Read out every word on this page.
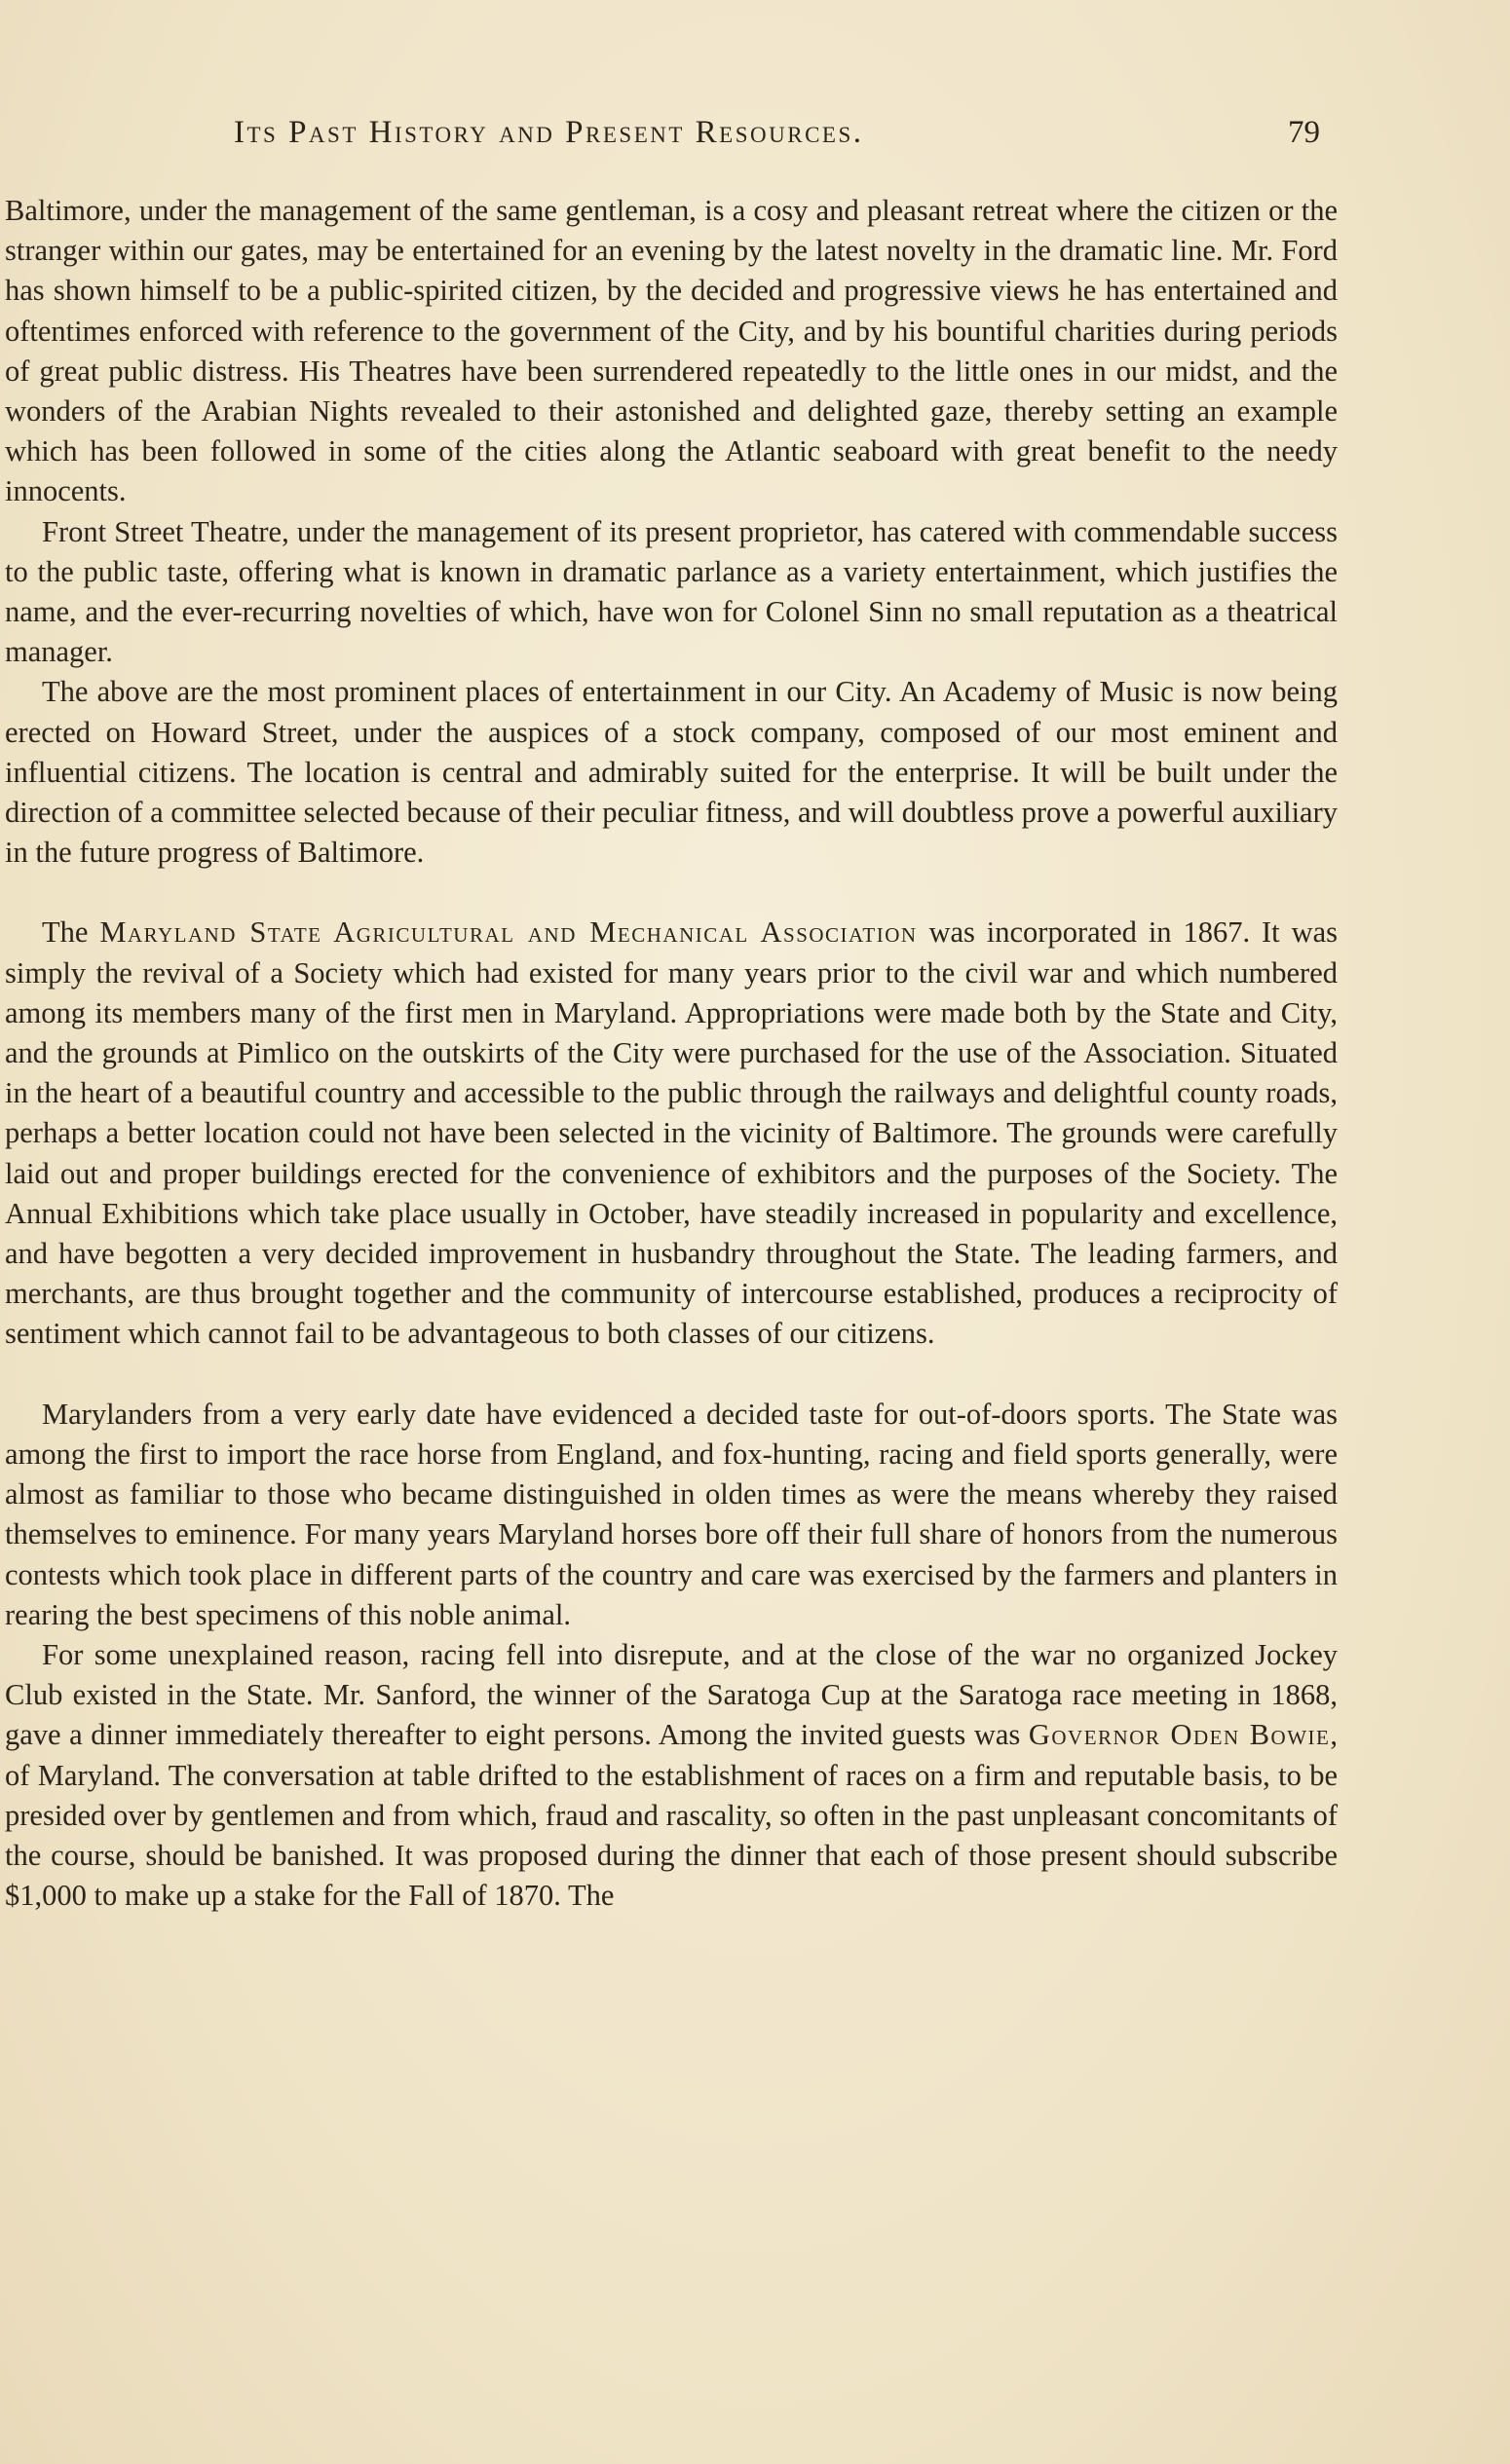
Its Past History and Present Resources.	79

Baltimore, under the management of the same gentleman, is a cosy and pleasant retreat where the citizen or the stranger within our gates, may be entertained for an evening by the latest novelty in the dramatic line. Mr. Ford has shown himself to be a public-spirited citizen, by the decided and progressive views he has entertained and oftentimes enforced with reference to the government of the City, and by his bountiful charities during periods of great public distress. His Theatres have been surrendered repeatedly to the little ones in our midst, and the wonders of the Arabian Nights revealed to their astonished and delighted gaze, thereby setting an example which has been followed in some of the cities along the Atlantic seaboard with great benefit to the needy innocents.

Front Street Theatre, under the management of its present proprietor, has catered with commendable success to the public taste, offering what is known in dramatic parlance as a variety entertainment, which justifies the name, and the ever-recurring novelties of which, have won for Colonel Sinn no small reputation as a theatrical manager.

The above are the most prominent places of entertainment in our City. An Academy of Music is now being erected on Howard Street, under the auspices of a stock company, composed of our most eminent and influential citizens. The location is central and admirably suited for the enterprise. It will be built under the direction of a committee selected because of their peculiar fitness, and will doubtless prove a powerful auxiliary in the future progress of Baltimore.

The Maryland State Agricultural and Mechanical Association was incorporated in 1867. It was simply the revival of a Society which had existed for many years prior to the civil war and which numbered among its members many of the first men in Maryland. Appropriations were made both by the State and City, and the grounds at Pimlico on the outskirts of the City were purchased for the use of the Association. Situated in the heart of a beautiful country and accessible to the public through the railways and delightful county roads, perhaps a better location could not have been selected in the vicinity of Baltimore. The grounds were carefully laid out and proper buildings erected for the convenience of exhibitors and the purposes of the Society. The Annual Exhibitions which take place usually in October, have steadily increased in popularity and excellence, and have begotten a very decided improvement in husbandry throughout the State. The leading farmers, and merchants, are thus brought together and the community of intercourse established, produces a reciprocity of sentiment which cannot fail to be advantageous to both classes of our citizens.

Marylanders from a very early date have evidenced a decided taste for out-of-doors sports. The State was among the first to import the race horse from England, and fox-hunting, racing and field sports generally, were almost as familiar to those who became distinguished in olden times as were the means whereby they raised themselves to eminence. For many years Maryland horses bore off their full share of honors from the numerous contests which took place in different parts of the country and care was exercised by the farmers and planters in rearing the best specimens of this noble animal.

For some unexplained reason, racing fell into disrepute, and at the close of the war no organized Jockey Club existed in the State. Mr. Sanford, the winner of the Saratoga Cup at the Saratoga race meeting in 1868, gave a dinner immediately thereafter to eight persons. Among the invited guests was Governor Oden Bowie, of Maryland. The conversation at table drifted to the establishment of races on a firm and reputable basis, to be presided over by gentlemen and from which, fraud and rascality, so often in the past unpleasant concomitants of the course, should be banished. It was proposed during the dinner that each of those present should subscribe $1,000 to make up a stake for the Fall of 1870. The
